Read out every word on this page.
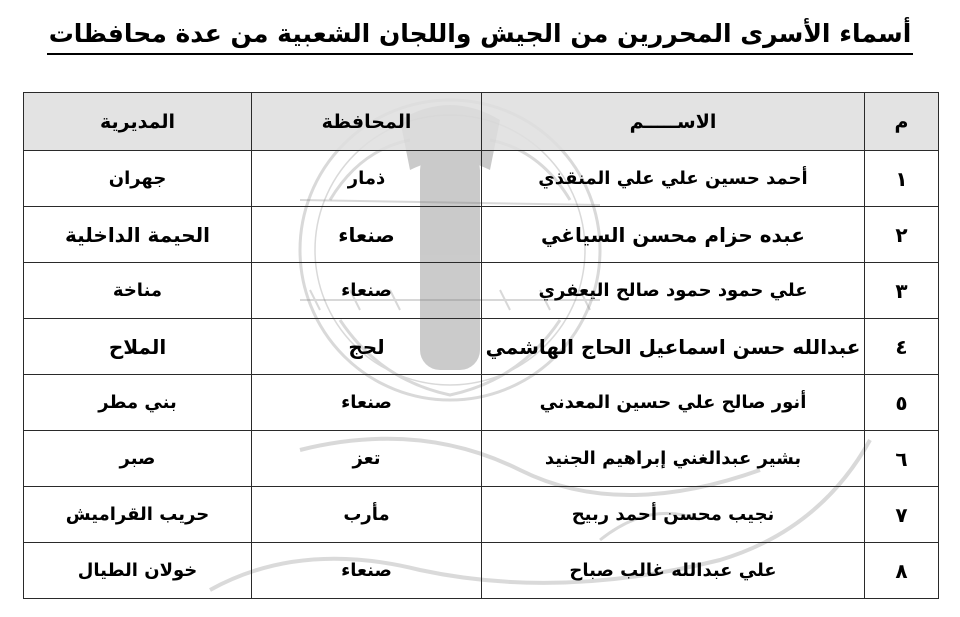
أسماء الأسرى المحررين من الجيش واللجان الشعبية من عدة محافظات
م	الاســـــم	المحافظة	المديرية
١	أحمد حسين علي علي المنقذي	ذمار	جهران
٢	عبده حزام محسن السياغي	صنعاء	الحيمة الداخلية
٣	علي حمود حمود صالح اليعفري	صنعاء	مناخة
٤	عبدالله حسن اسماعيل الحاج الهاشمي	لحج	الملاح
٥	أنور صالح علي حسين المعدني	صنعاء	بني مطر
٦	بشير عبدالغني إبراهيم الجنيد	تعز	صبر
٧	نجيب محسن أحمد ربيح	مأرب	حريب القراميش
٨	علي عبدالله غالب صباح	صنعاء	خولان الطيال
